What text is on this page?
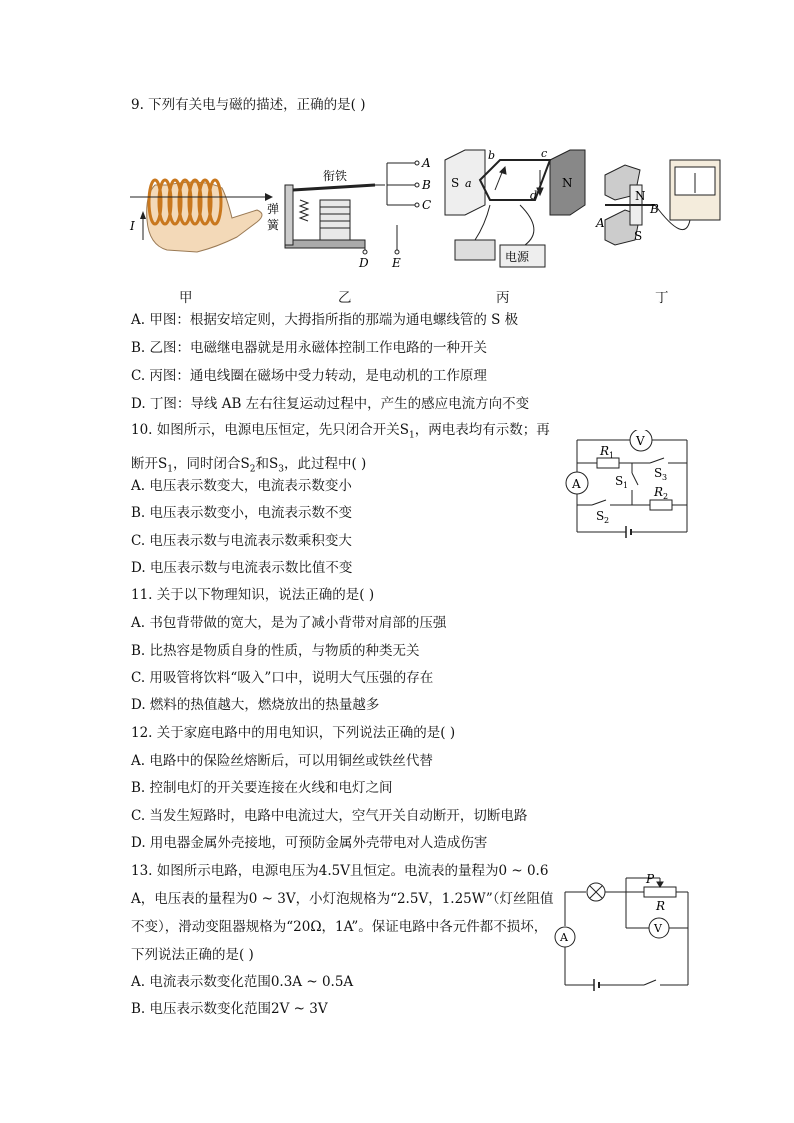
9. 下列有关电与磁的描述，正确的是( )
I
衔铁
弹
簧
A
B
C
D E
S a
b	c
d
N
电源
N
S
A
B
甲	乙	丙	丁
A. 甲图：根据安培定则，大拇指所指的那端为通电螺线管的 S 极
B. 乙图：电磁继电器就是用永磁体控制工作电路的一种开关
C. 丙图：通电线圈在磁场中受力转动，是电动机的工作原理
D. 丁图：导线 AB 左右往复运动过程中，产生的感应电流方向不变
10. 如图所示，电源电压恒定，先只闭合开关$S_1$，两电表均有示数；再断开$S_1$，同时闭合$S_2$和$S_3$，此过程中( )
V
A
R 1
R 2
S 1
S 2
S 3
A. 电压表示数变大，电流表示数变小
B. 电压表示数变小，电流表示数不变
C. 电压表示数与电流表示数乘积变大
D. 电压表示数与电流表示数比值不变
11. 关于以下物理知识，说法正确的是( )
A. 书包背带做的宽大，是为了减小背带对肩部的压强
B. 比热容是物质自身的性质，与物质的种类无关
C. 用吸管将饮料“吸入”口中，说明大气压强的存在
D. 燃料的热值越大，燃烧放出的热量越多
12. 关于家庭电路中的用电知识，下列说法正确的是( )
A. 电路中的保险丝熔断后，可以用铜丝或铁丝代替
B. 控制电灯的开关要连接在火线和电灯之间
C. 当发生短路时，电路中电流过大，空气开关自动断开，切断电路
D. 用电器金属外壳接地，可预防金属外壳带电对人造成伤害
13. 如图所示电路，电源电压为4.5V且恒定。电流表的量程为0 ~ 0.6 A，电压表的量程为0 ~ 3V，小灯泡规格为“2.5V，1.25W”（灯丝阻值不变），滑动变阻器规格为“20Ω，1A”。保证电路中各元件都不损坏，下列说法正确的是( )
P
R
V
A
A. 电流表示数变化范围0.3A ~ 0.5A
B. 电压表示数变化范围2V ~ 3V
